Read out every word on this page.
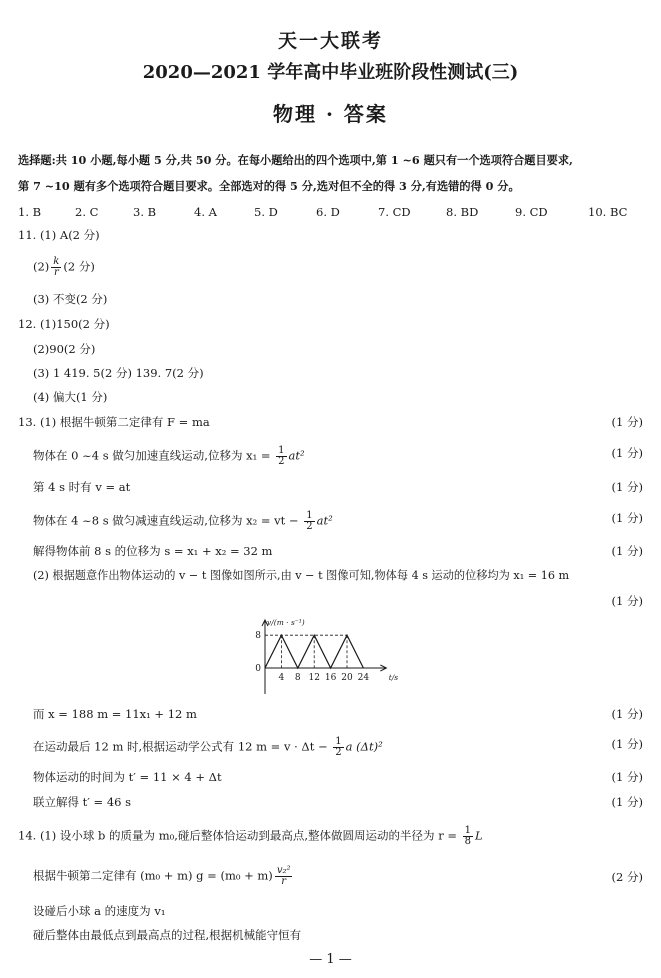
天一大联考
2020—2021 学年高中毕业班阶段性测试(三)
物理 · 答案
选择题:共 10 小题,每小题 5 分,共 50 分。在每小题给出的四个选项中,第 1 ~6 题只有一个选项符合题目要求,
第 7 ~10 题有多个选项符合题目要求。全部选对的得 5 分,选对但不全的得 3 分,有选错的得 0 分。
1. B	2. C	3. B	4. A	5. D	6. D	7. CD	8. BD	9. CD	10. BC
11. (1) A(2 分)
$(2) \frac{k}{r} (2$ 分)
(3) 不变(2 分)
12. (1)150(2 分)
(2)90(2 分)
(3) 1 419. 5(2 分) 139. 7(2 分)
(4) 偏大(1 分)
13. (1) 根据牛顿第二定律有 F = ma	(1 分)
物体在 0 ~4 s 做匀加速直线运动,位移为 $x_1 = \frac{1}{2} at^2$	(1 分)
第 4 s 时有 v = at	(1 分)
物体在 4 ~8 s 做匀减速直线运动,位移为 x₂ = vt − $\frac{1}{2} at^2$	(1 分)
解得物体前 8 s 的位移为 s = x₁ + x₂ = 32 m	(1 分)
(2) 根据题意作出物体运动的 v − t 图像如图所示,由 v − t 图像可知,物体每 4 s 运动的位移均为 x₁ = 16 m
(1 分)
4 8 12 16 20 24
8
0
v/(m · s⁻¹)
t/s
而 x = 188 m = 11x₁ + 12 m	(1 分)
在运动最后 12 m 时,根据运动学公式有 12 $m = v \cdot \Delta t - \frac{1}{2}$ a (Δt)²	(1 分)
物体运动的时间为 t′ = 11 × 4 + Δt	(1 分)
联立解得 t′ = 46 s	(1 分)
14. (1) 设小球 b 的质量为 m₀,碰后整体恰运动到最高点,整体做圆周运动的半径为 $r = \frac{1}{8}$ L
根据牛顿第二定律有 (m₀ + m) $g = (m_0 + m) \frac{\text{v₂²}}{r}$	(2 分)
设碰后小球 a 的速度为 v₁
碰后整体由最低点到最高点的过程,根据机械能守恒有
— 1 —
